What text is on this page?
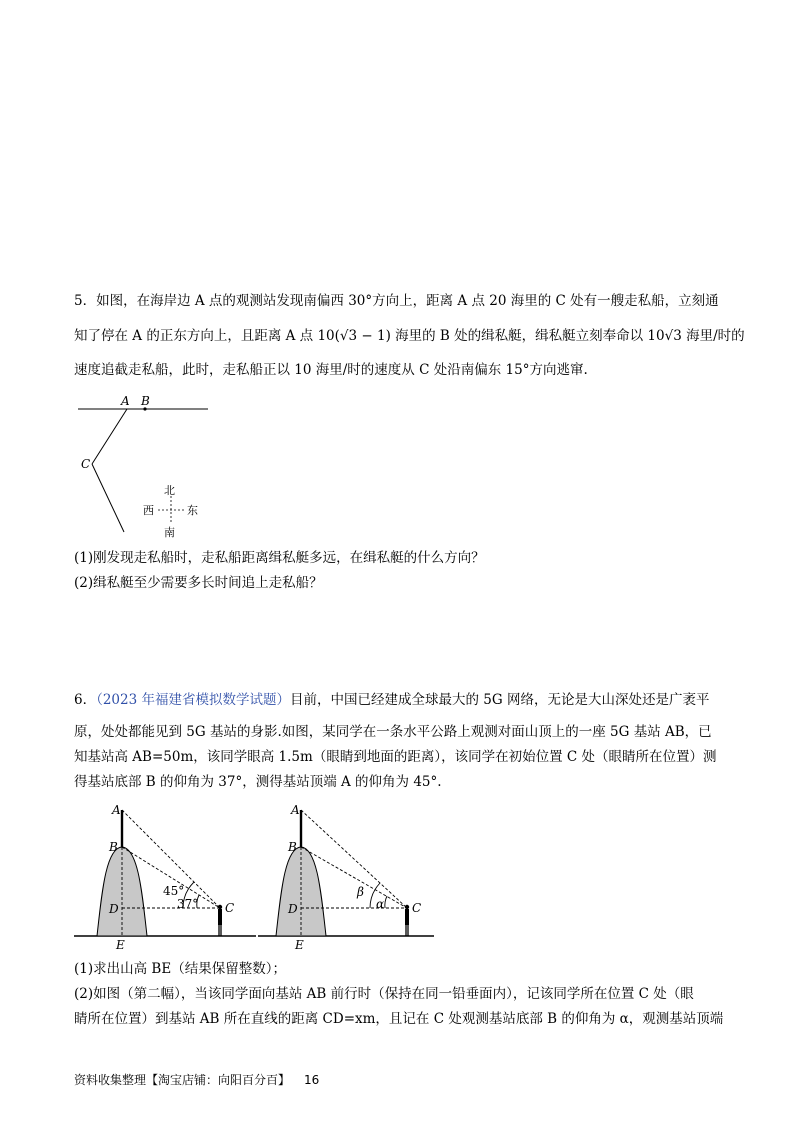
5．如图，在海岸边 A 点的观测站发现南偏西 30°方向上，距离 A 点 20 海里的 C 处有一艘走私船，立刻通
知了停在 A 的正东方向上，且距离 A 点 10(√3 − 1) 海里的 B 处的缉私艇，缉私艇立刻奉命以 10√3 海里/时的
速度追截走私船，此时，走私船正以 10 海里/时的速度从 C 处沿南偏东 15°方向逃窜.
A B
C
北
南
西	东
(1)刚发现走私船时，走私船距离缉私艇多远，在缉私艇的什么方向？
(2)缉私艇至少需要多长时间追上走私船？
6．（2023 年福建省模拟数学试题）目前，中国已经建成全球最大的 5G 网络，无论是大山深处还是广袤平
原，处处都能见到 5G 基站的身影.如图，某同学在一条水平公路上观测对面山顶上的一座 5G 基站 AB，已
知基站高 AB=50m，该同学眼高 1.5m（眼睛到地面的距离），该同学在初始位置 C 处（眼睛所在位置）测
得基站底部 B 的仰角为 37°，测得基站顶端 A 的仰角为 45°.
A
B
D
E
C
45°
37°
A
B
D
E
C
β
α
(1)求出山高 BE（结果保留整数）；
(2)如图（第二幅），当该同学面向基站 AB 前行时（保持在同一铅垂面内），记该同学所在位置 C 处（眼
睛所在位置）到基站 AB 所在直线的距离 CD=xm，且记在 C 处观测基站底部 B 的仰角为 α，观测基站顶端
资料收集整理【淘宝店铺：向阳百分百】 16
